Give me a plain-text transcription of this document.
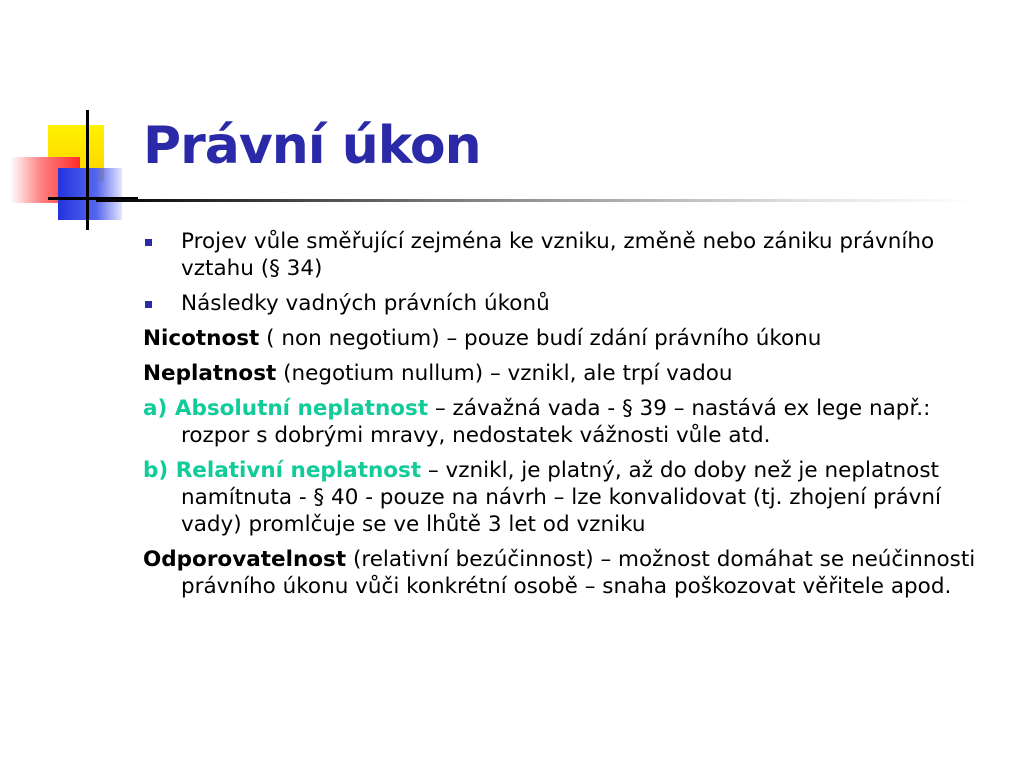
Právní úkon
Projev vůle směřující zejména ke vzniku, změně nebo zániku právního vztahu (§ 34)
Následky vadných právních úkonů
Nicotnost ( non negotium) – pouze budí zdání právního úkonu
Neplatnost (negotium nullum) – vznikl, ale trpí vadou
a) Absolutní neplatnost – závažná vada - § 39 – nastává ex lege např.: rozpor s dobrými mravy, nedostatek vážnosti vůle atd.
b) Relativní neplatnost – vznikl, je platný, až do doby než je neplatnost namítnuta - § 40 - pouze na návrh – lze konvalidovat (tj. zhojení právní vady) promlčuje se ve lhůtě 3 let od vzniku
Odporovatelnost (relativní bezúčinnost) – možnost domáhat se neúčinnosti právního úkonu vůči konkrétní osobě – snaha poškozovat věřitele apod.
